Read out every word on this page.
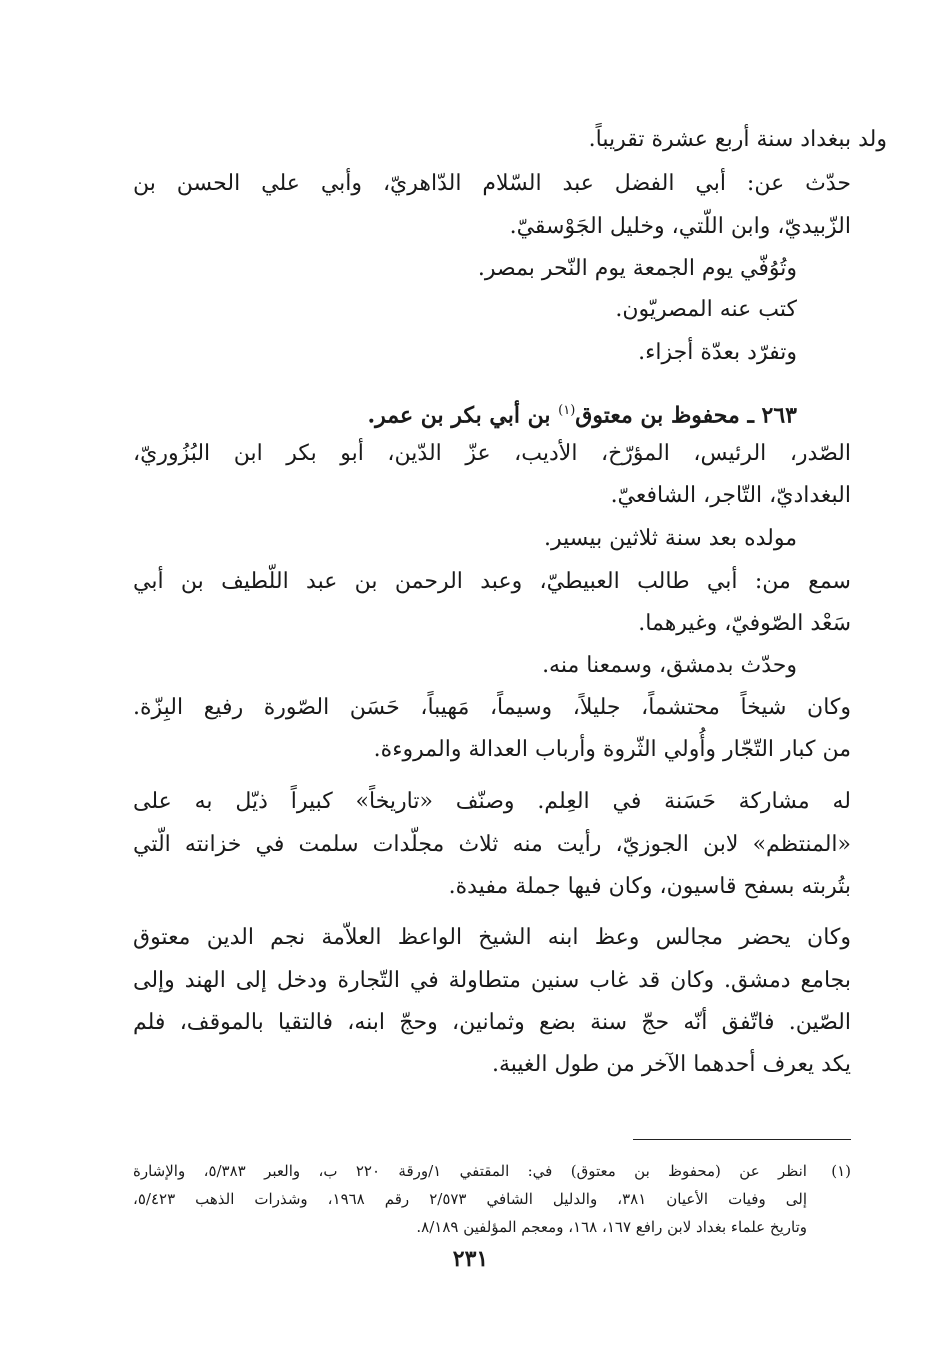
ولد ببغداد سنة أربع عشرة تقريباً.
حدّث عن: أبي الفضل عبد السّلام الدّاهريّ، وأبي علي الحسن بن
الزّبيديّ، وابن اللّتي، وخليل الجَوْسقيّ.
وتُوُفّي يوم الجمعة يوم النّحر بمصر.
كتب عنه المصريّون.
وتفرّد بعدّة أجزاء.
٢٦٣ ـ محفوظ بن معتوق$^{(١)}$ بن أبي بكر بن عمر.
الصّدر، الرئيس، المؤرّخ، الأديب، عزّ الدّين، أبو بكر ابن البُزُوريّ،
البغداديّ، التّاجر، الشافعيّ.
مولده بعد سنة ثلاثين بيسير.
سمع من: أبي طالب العبيطيّ، وعبد الرحمن بن عبد اللّطيف بن أبي
سَعْد الصّوفيّ، وغيرهما.
وحدّث بدمشق، وسمعنا منه.
وكان شيخاً محتشماً، جليلاً، وسيماً، مَهيباً، حَسَن الصّورة رفيع البِزّة.
من كبار التّجّار وأُولي الثّروة وأرباب العدالة والمروءة.
له مشاركة حَسَنة في العِلم. وصنّف «تاريخاً» كبيراً ذيّل به على
«المنتظم» لابن الجوزيّ، رأيت منه ثلاث مجلّدات سلمت في خزانته الّتي
بتُربته بسفح قاسيون، وكان فيها جملة مفيدة.
وكان يحضر مجالس وعظ ابنه الشيخ الواعظ العلاّمة نجم الدين معتوق
بجامع دمشق. وكان قد غاب سنين متطاولة في التّجارة ودخل إلى الهند وإلى
الصّين. فاتّفق أنّه حجّ سنة بضع وثمانين، وحجّ ابنه، فالتقيا بالموقف، فلم
يكد يعرف أحدهما الآخر من طول الغيبة.
(١)
انظر عن (محفوظ بن معتوق) في: المقتفي ١/ورقة ٢٢٠ ب، والعبر ٥/٣٨٣، والإشارة
إلى وفيات الأعيان ٣٨١، والدليل الشافي ٢/٥٧٣ رقم ١٩٦٨، وشذرات الذهب ٥/٤٢٣،
وتاريخ علماء بغداد لابن رافع ١٦٧، ١٦٨، ومعجم المؤلفين ٨/١٨٩.
٢٣١
